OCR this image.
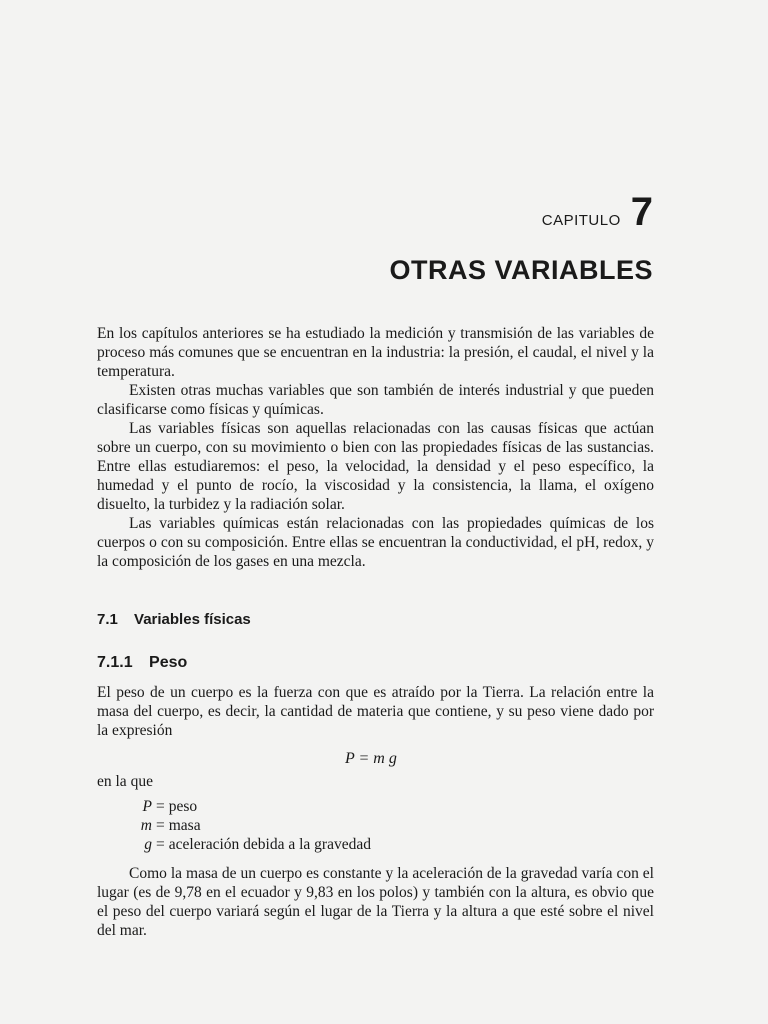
CAPITULO 7
OTRAS VARIABLES

En los capítulos anteriores se ha estudiado la medición y transmisión de las variables de proceso más comunes que se encuentran en la industria: la presión, el caudal, el nivel y la temperatura.

Existen otras muchas variables que son también de interés industrial y que pueden clasificarse como físicas y químicas.

Las variables físicas son aquellas relacionadas con las causas físicas que actúan sobre un cuerpo, con su movimiento o bien con las propiedades físicas de las sustancias. Entre ellas estudiaremos: el peso, la velocidad, la densidad y el peso específico, la humedad y el punto de rocío, la viscosidad y la consistencia, la llama, el oxígeno disuelto, la turbidez y la radiación solar.

Las variables químicas están relacionadas con las propiedades químicas de los cuerpos o con su composición. Entre ellas se encuentran la conductividad, el pH, redox, y la composición de los gases en una mezcla.

7.1 Variables físicas
7.1.1 Peso

El peso de un cuerpo es la fuerza con que es atraído por la Tierra. La relación entre la masa del cuerpo, es decir, la cantidad de materia que contiene, y su peso viene dado por la expresión

P = m g
en la que
P = peso
m = masa
g = aceleración debida a la gravedad

Como la masa de un cuerpo es constante y la aceleración de la gravedad varía con el lugar (es de 9,78 en el ecuador y 9,83 en los polos) y también con la altura, es obvio que el peso del cuerpo variará según el lugar de la Tierra y la altura a que esté sobre el nivel del mar.
